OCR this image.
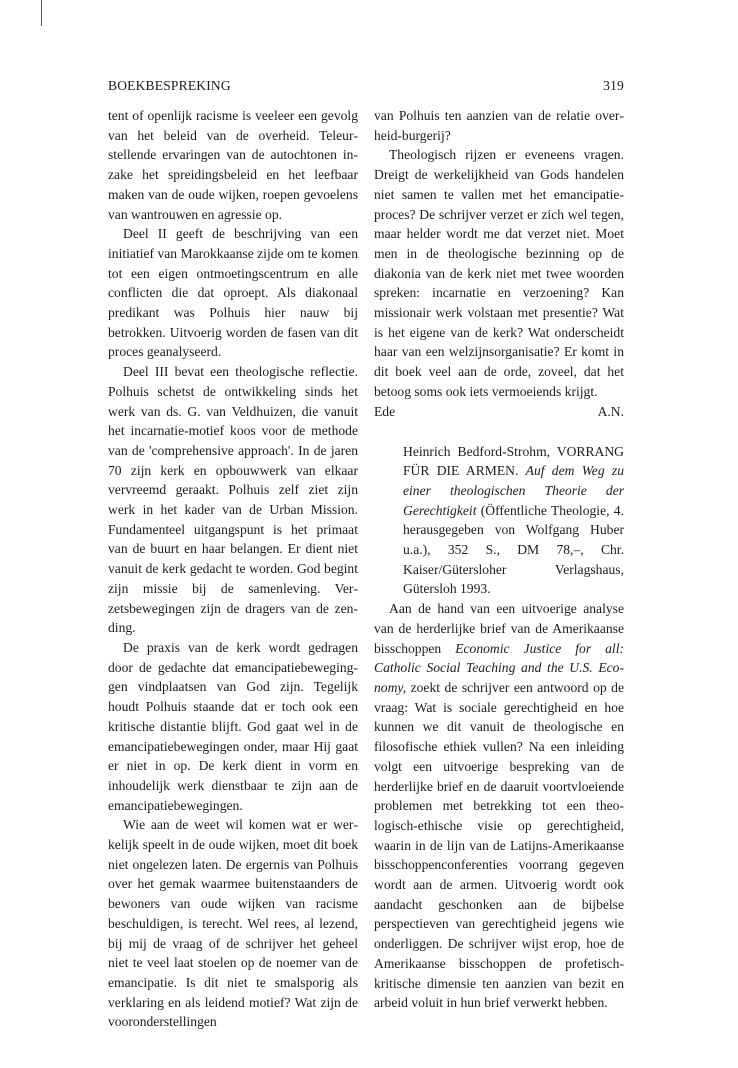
BOEKBESPREKING	319

tent of openlijk racisme is veeleer een gevolg van het beleid van de overheid. Teleurstellende ervaringen van de autochtonen inzake het spreidingsbeleid en het leefbaar maken van de oude wijken, roepen gevoelens van wantrouwen en agressie op.

Deel II geeft de beschrijving van een initiatief van Marokkaanse zijde om te komen tot een eigen ontmoetingscentrum en alle conflicten die dat oproept. Als diakonaal predikant was Polhuis hier nauw bij betrokken. Uitvoerig worden de fasen van dit proces geanalyseerd.

Deel III bevat een theologische reflectie. Polhuis schetst de ontwikkeling sinds het werk van ds. G. van Veldhuizen, die vanuit het incarnatie-motief koos voor de methode van de 'comprehensive approach'. In de jaren 70 zijn kerk en opbouwwerk van elkaar vervreemd geraakt. Polhuis zelf ziet zijn werk in het kader van de Urban Mission. Fundamenteel uitgangspunt is het primaat van de buurt en haar belangen. Er dient niet vanuit de kerk gedacht te worden. God begint zijn missie bij de samenleving. Verzetsbewegingen zijn de dragers van de zending.

De praxis van de kerk wordt gedragen door de gedachte dat emancipatiebeweginggen vindplaatsen van God zijn. Tegelijk houdt Polhuis staande dat er toch ook een kritische distantie blijft. God gaat wel in de emancipatiebewegingen onder, maar Hij gaat er niet in op. De kerk dient in vorm en inhoudelijk werk dienstbaar te zijn aan de emancipatiebewegingen.

Wie aan de weet wil komen wat er werkelijk speelt in de oude wijken, moet dit boek niet ongelezen laten. De ergernis van Polhuis over het gemak waarmee buitenstaanders de bewoners van oude wijken van racisme beschuldigen, is terecht. Wel rees, al lezend, bij mij de vraag of de schrijver het geheel niet te veel laat stoelen op de noemer van de emancipatie. Is dit niet te smalsporig als verklaring en als leidend motief? Wat zijn de vooronderstellingen

van Polhuis ten aanzien van de relatie overheid-burgerij?

Theologisch rijzen er eveneens vragen. Dreigt de werkelijkheid van Gods handelen niet samen te vallen met het emancipatieproces? De schrijver verzet er zich wel tegen, maar helder wordt me dat verzet niet. Moet men in de theologische bezinning op de diakonia van de kerk niet met twee woorden spreken: incarnatie en verzoening? Kan missionair werk volstaan met presentie? Wat is het eigene van de kerk? Wat onderscheidt haar van een welzijnsorganisatie? Er komt in dit boek veel aan de orde, zoveel, dat het betoog soms ook iets vermoeiends krijgt.

Ede	A.N.
Heinrich Bedford-Strohm, VORRANG FÜR DIE ARMEN. Auf dem Weg zu einer theologischen Theorie der Gerechtigkeit (Öffentliche Theologie, 4. herausgegeben von Wolfgang Huber u.a.), 352 S., DM 78,–, Chr. Kaiser/Gütersloher Verlagshaus, Gütersloh 1993.

Aan de hand van een uitvoerige analyse van de herderlijke brief van de Amerikaanse bisschoppen Economic Justice for all: Catholic Social Teaching and the U.S. Economy, zoekt de schrijver een antwoord op de vraag: Wat is sociale gerechtigheid en hoe kunnen we dit vanuit de theologische en filosofische ethiek vullen? Na een inleiding volgt een uitvoerige bespreking van de herderlijke brief en de daaruit voortvloeiende problemen met betrekking tot een theologisch-ethische visie op gerechtigheid, waarin in de lijn van de Latijns-Amerikaanse bisschoppenconferenties voorrang gegeven wordt aan de armen. Uitvoerig wordt ook aandacht geschonken aan de bijbelse perspectieven van gerechtigheid jegens wie onderliggen. De schrijver wijst erop, hoe de Amerikaanse bisschoppen de profetisch-kritische dimensie ten aanzien van bezit en arbeid voluit in hun brief verwerkt hebben.
